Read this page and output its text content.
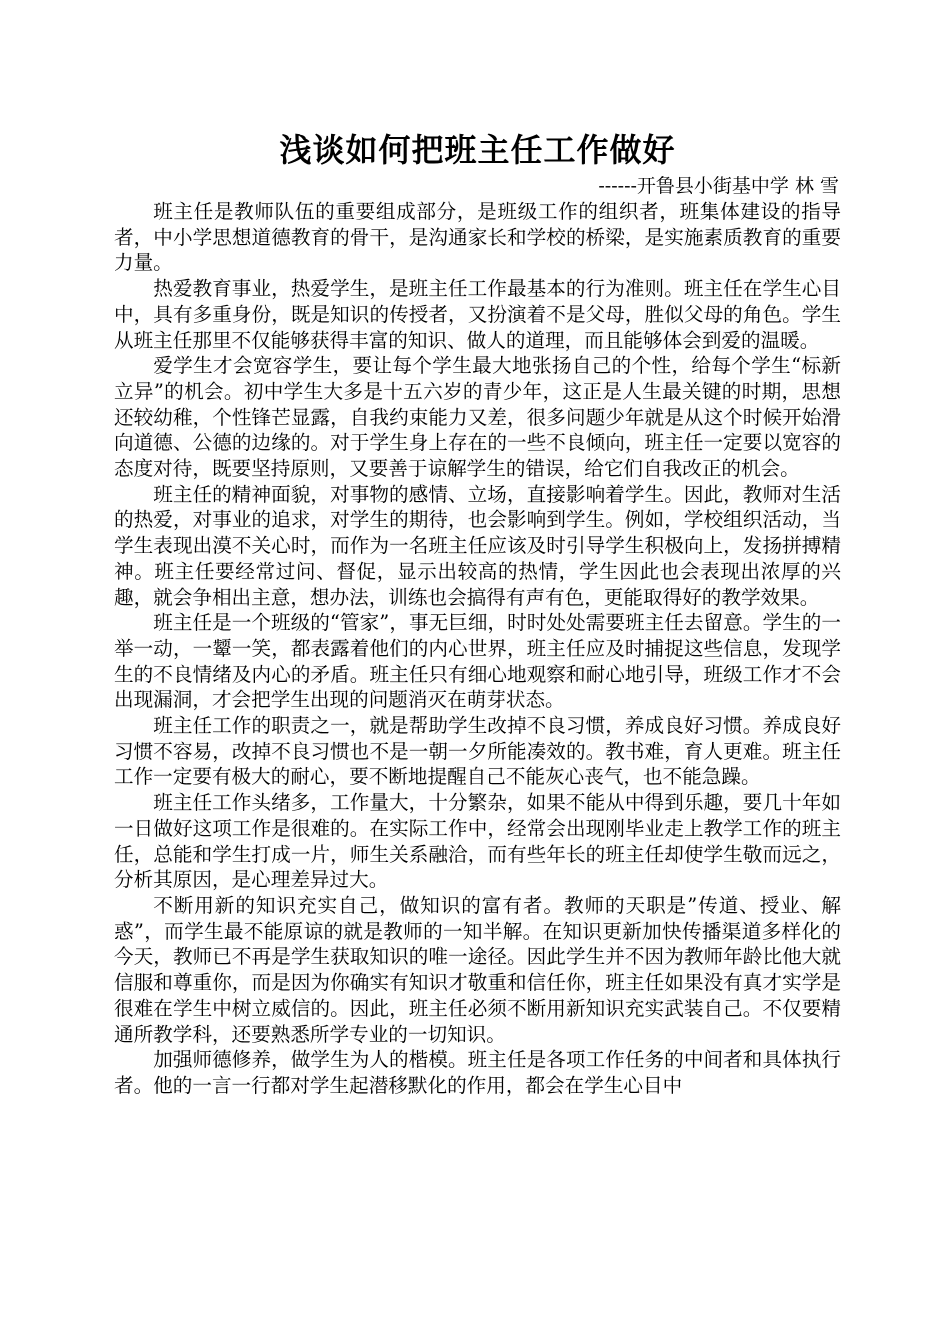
浅谈如何把班主任工作做好

------开鲁县小街基中学 林 雪

班主任是教师队伍的重要组成部分，是班级工作的组织者，班集体建设的指导者，中小学思想道德教育的骨干，是沟通家长和学校的桥梁，是实施素质教育的重要力量。

热爱教育事业，热爱学生，是班主任工作最基本的行为准则。班主任在学生心目中，具有多重身份，既是知识的传授者，又扮演着不是父母，胜似父母的角色。学生从班主任那里不仅能够获得丰富的知识、做人的道理，而且能够体会到爱的温暖。

爱学生才会宽容学生，要让每个学生最大地张扬自己的个性，给每个学生“标新立异”的机会。初中学生大多是十五六岁的青少年，这正是人生最关键的时期，思想还较幼稚，个性锋芒显露，自我约束能力又差，很多问题少年就是从这个时候开始滑向道德、公德的边缘的。对于学生身上存在的一些不良倾向，班主任一定要以宽容的态度对待，既要坚持原则，又要善于谅解学生的错误，给它们自我改正的机会。

班主任的精神面貌，对事物的感情、立场，直接影响着学生。因此，教师对生活的热爱，对事业的追求，对学生的期待，也会影响到学生。例如，学校组织活动，当学生表现出漠不关心时，而作为一名班主任应该及时引导学生积极向上，发扬拼搏精神。班主任要经常过问、督促，显示出较高的热情，学生因此也会表现出浓厚的兴趣，就会争相出主意，想办法，训练也会搞得有声有色，更能取得好的教学效果。

班主任是一个班级的“管家”，事无巨细，时时处处需要班主任去留意。学生的一举一动，一颦一笑，都表露着他们的内心世界，班主任应及时捕捉这些信息，发现学生的不良情绪及内心的矛盾。班主任只有细心地观察和耐心地引导，班级工作才不会出现漏洞，才会把学生出现的问题消灭在萌芽状态。

班主任工作的职责之一，就是帮助学生改掉不良习惯，养成良好习惯。养成良好习惯不容易，改掉不良习惯也不是一朝一夕所能凑效的。教书难，育人更难。班主任工作一定要有极大的耐心，要不断地提醒自己不能灰心丧气，也不能急躁。

班主任工作头绪多，工作量大，十分繁杂，如果不能从中得到乐趣，要几十年如一日做好这项工作是很难的。在实际工作中，经常会出现刚毕业走上教学工作的班主任，总能和学生打成一片，师生关系融洽，而有些年长的班主任却使学生敬而远之，分析其原因，是心理差异过大。

不断用新的知识充实自己，做知识的富有者。教师的天职是”传道、授业、解惑”，而学生最不能原谅的就是教师的一知半解。在知识更新加快传播渠道多样化的今天，教师已不再是学生获取知识的唯一途径。因此学生并不因为教师年龄比他大就信服和尊重你，而是因为你确实有知识才敬重和信任你，班主任如果没有真才实学是很难在学生中树立威信的。因此，班主任必须不断用新知识充实武装自己。不仅要精通所教学科，还要熟悉所学专业的一切知识。

加强师德修养，做学生为人的楷模。班主任是各项工作任务的中间者和具体执行者。他的一言一行都对学生起潜移默化的作用，都会在学生心目中
